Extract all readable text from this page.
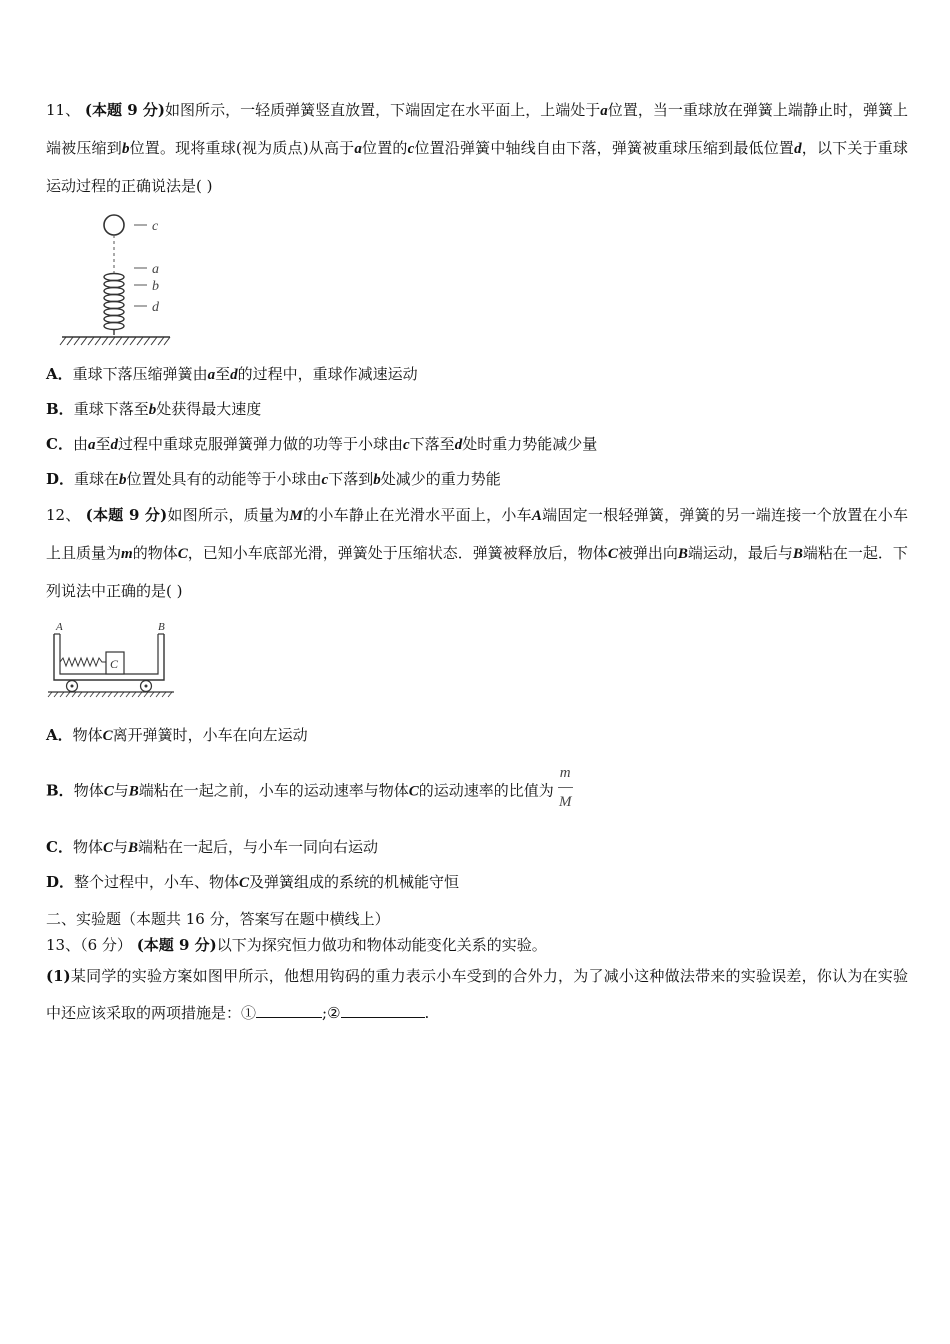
11、 (本题 9 分)如图所示，一轻质弹簧竖直放置，下端固定在水平面上，上端处于a位置，当一重球放在弹簧上端静止时，弹簧上端被压缩到b位置。现将重球(视为质点)从高于a位置的c位置沿弹簧中轴线自由下落，弹簧被重球压缩到最低位置d，以下关于重球运动过程的正确说法是( )

c
a
b
d

A．重球下落压缩弹簧由a至d的过程中，重球作减速运动

B．重球下落至b处获得最大速度

C．由a至d过程中重球克服弹簧弹力做的功等于小球由c下落至d处时重力势能减少量

D．重球在b位置处具有的动能等于小球由c下落到b处减少的重力势能

12、 (本题 9 分)如图所示，质量为M的小车静止在光滑水平面上，小车A端固定一根轻弹簧，弹簧的另一端连接一个放置在小车上且质量为m的物体C，已知小车底部光滑，弹簧处于压缩状态．弹簧被释放后，物体C被弹出向B端运动，最后与B端粘在一起．下列说法中正确的是( )

A	B
C

A．物体C离开弹簧时，小车在向左运动

B．物体C与B端粘在一起之前，小车的运动速率与物体C的运动速率的比值为 $\frac{m}{M}$

C．物体C与B端粘在一起后，与小车一同向右运动

D．整个过程中，小车、物体C及弹簧组成的系统的机械能守恒

二、实验题（本题共 16 分，答案写在题中横线上）

13、（6 分） (本题 9 分)以下为探究恒力做功和物体动能变化关系的实验。

(1)某同学的实验方案如图甲所示，他想用钩码的重力表示小车受到的合外力，为了减小这种做法带来的实验误差，你认为在实验中还应该采取的两项措施是：①	;②	.
